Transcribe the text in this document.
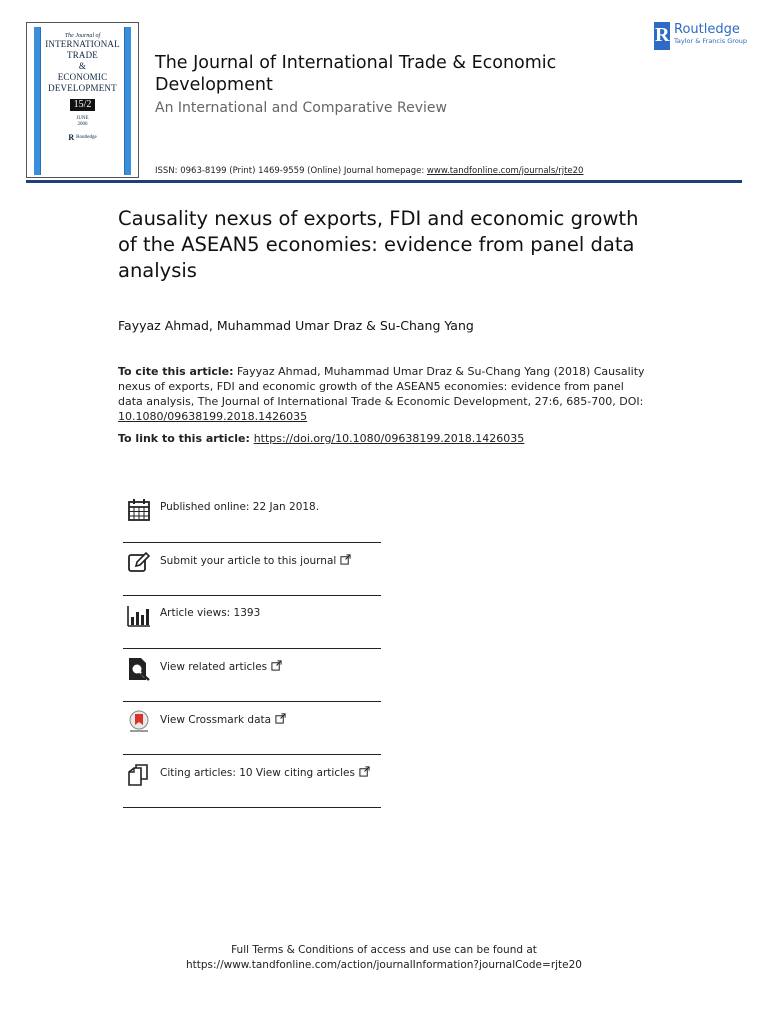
The Journal of
INTERNATIONAL
TRADE
&
ECONOMIC
DEVELOPMENT
15/2
JUNE
2006
R Routledge
The Journal of International Trade & Economic Development
An International and Comparative Review
R
Routledge
Taylor & Francis Group
ISSN: 0963-8199 (Print) 1469-9559 (Online) Journal homepage: www.tandfonline.com/journals/rjte20
Causality nexus of exports, FDI and economic growth of the ASEAN5 economies: evidence from panel data analysis
Fayyaz Ahmad, Muhammad Umar Draz & Su-Chang Yang
To cite this article: Fayyaz Ahmad, Muhammad Umar Draz & Su-Chang Yang (2018) Causality nexus of exports, FDI and economic growth of the ASEAN5 economies: evidence from panel data analysis, The Journal of International Trade & Economic Development, 27:6, 685-700, DOI: 10.1080/09638199.2018.1426035
To link to this article: https://doi.org/10.1080/09638199.2018.1426035
Published online: 22 Jan 2018.
Submit your article to this journal
Article views: 1393
View related articles
View Crossmark data
Citing articles: 10 View citing articles
Full Terms & Conditions of access and use can be found at
https://www.tandfonline.com/action/journalInformation?journalCode=rjte20
